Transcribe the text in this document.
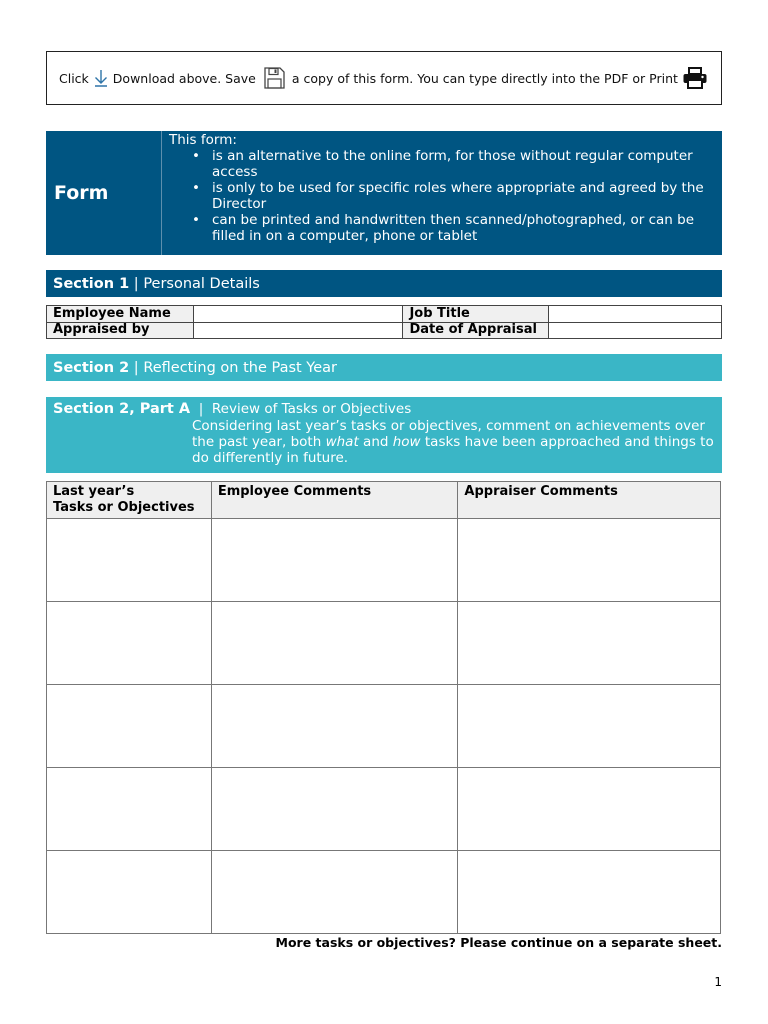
Click Download above. Save	a copy of this form. You can type directly into the PDF or Print
Form
This form:
• is an alternative to the online form, for those without regular computer access
• is only to be used for specific roles where appropriate and agreed by the Director
• can be printed and handwritten then scanned/photographed, or can be filled in on a computer, phone or tablet
Section 1 | Personal Details
Employee Name		Job Title	
Appraised by		Date of Appraisal	
Section 2 | Reflecting on the Past Year
Section 2, Part A  |  Review of Tasks or Objectives
Considering last year’s tasks or objectives, comment on achievements over the past year, both what and how tasks have been approached and things to do differently in future.
Last year’s
Tasks or Objectives	Employee Comments	Appraiser Comments

More tasks or objectives? Please continue on a separate sheet.
1
